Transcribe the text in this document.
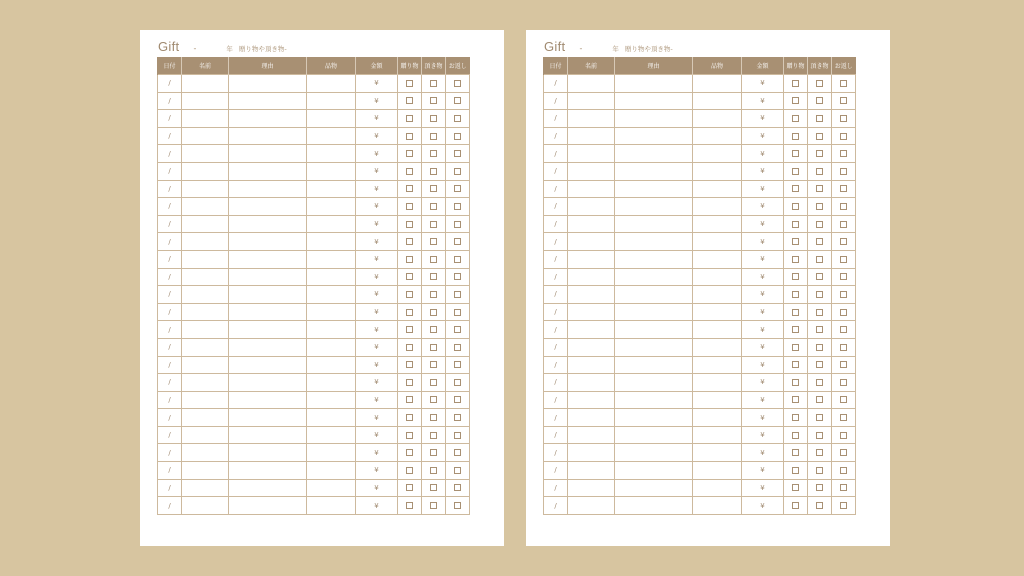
Gift -	年 贈り物や頂き物-
日付	名前	理由	品物	金額	贈り物	頂き物	お返し
/				¥			
/				¥			
/				¥			
/				¥			
/				¥			
/				¥			
/				¥			
/				¥			
/				¥			
/				¥			
/				¥			
/				¥			
/				¥			
/				¥			
/				¥			
/				¥			
/				¥			
/				¥			
/				¥			
/				¥			
/				¥			
/				¥			
/				¥			
/				¥			
/				¥			
Gift -	年 贈り物や頂き物-
日付	名前	理由	品物	金額	贈り物	頂き物	お返し
/				¥			
/				¥			
/				¥			
/				¥			
/				¥			
/				¥			
/				¥			
/				¥			
/				¥			
/				¥			
/				¥			
/				¥			
/				¥			
/				¥			
/				¥			
/				¥			
/				¥			
/				¥			
/				¥			
/				¥			
/				¥			
/				¥			
/				¥			
/				¥			
/				¥			
